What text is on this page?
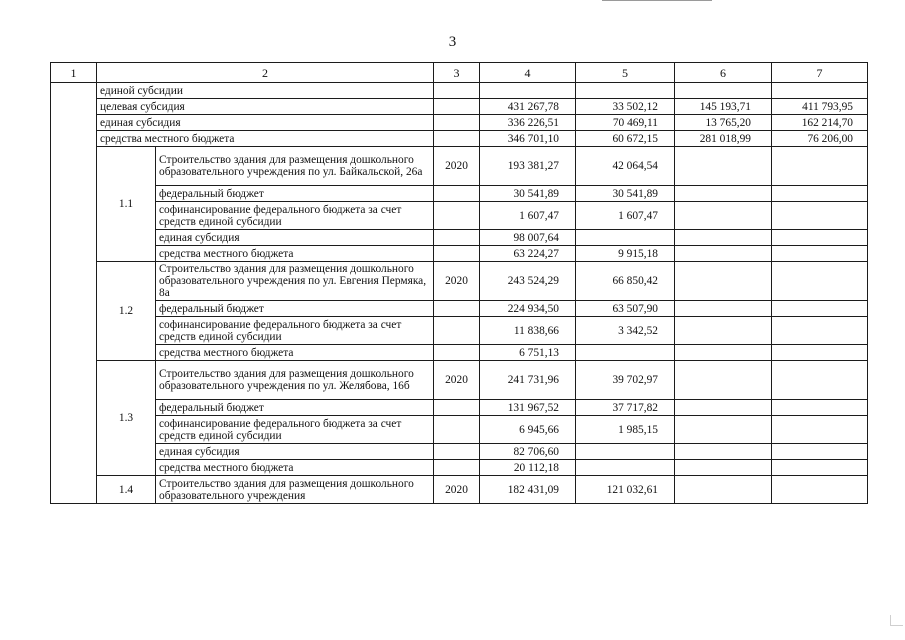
3
1	2		3	4	5	6	7
	единой субсидии						
	целевая субсидия			431 267,78	33 502,12	145 193,71	411 793,95
	единая субсидия			336 226,51	70 469,11	13 765,20	162 214,70
	средства местного бюджета			346 701,10	60 672,15	281 018,99	76 206,00
	1.1	Строительство здания для размещения дошкольного образовательного учреждения по ул. Байкальской, 26а	2020	193 381,27	42 064,54		
		федеральный бюджет		30 541,89	30 541,89		
		софинансирование федерального бюджета за счет средств единой субсидии		1 607,47	1 607,47		
		единая субсидия		98 007,64			
		средства местного бюджета		63 224,27	9 915,18		
	1.2	Строительство здания для размещения дошкольного образовательного учреждения по ул. Евгения Пермяка, 8а	2020	243 524,29	66 850,42		
		федеральный бюджет		224 934,50	63 507,90		
		софинансирование федерального бюджета за счет средств единой субсидии		11 838,66	3 342,52		
		средства местного бюджета		6 751,13			
	1.3	Строительство здания для размещения дошкольного образовательного учреждения по ул. Желябова, 16б	2020	241 731,96	39 702,97		
		федеральный бюджет		131 967,52	37 717,82		
		софинансирование федерального бюджета за счет средств единой субсидии		6 945,66	1 985,15		
		единая субсидия		82 706,60			
		средства местного бюджета		20 112,18			
	1.4	Строительство здания для размещения дошкольного образовательного учреждения	2020	182 431,09	121 032,61		
